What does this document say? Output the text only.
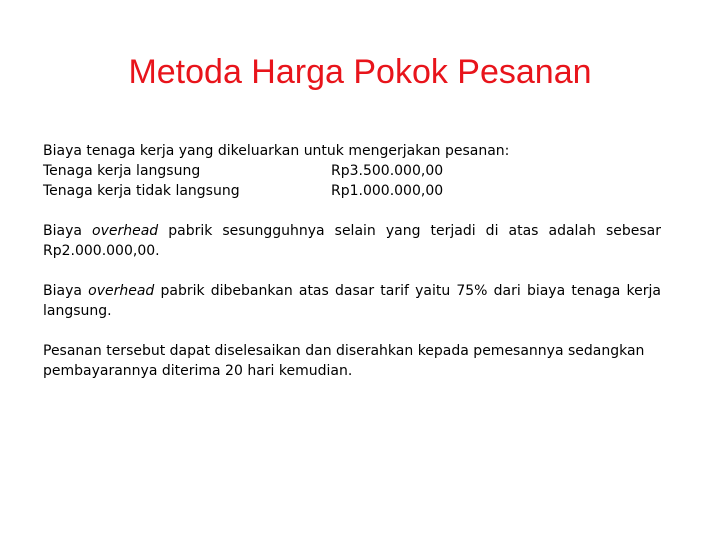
Metoda Harga Pokok Pesanan

Biaya tenaga kerja yang dikeluarkan untuk mengerjakan pesanan:

Tenaga kerja langsung	Rp3.500.000,00
Tenaga kerja tidak langsung	Rp1.000.000,00

Biaya overhead pabrik sesungguhnya selain yang terjadi di atas adalah sebesar Rp2.000.000,00.

Biaya overhead pabrik dibebankan atas dasar tarif yaitu 75% dari biaya tenaga kerja langsung.

Pesanan tersebut dapat diselesaikan dan diserahkan kepada pemesannya sedangkan pembayarannya diterima 20 hari kemudian.
